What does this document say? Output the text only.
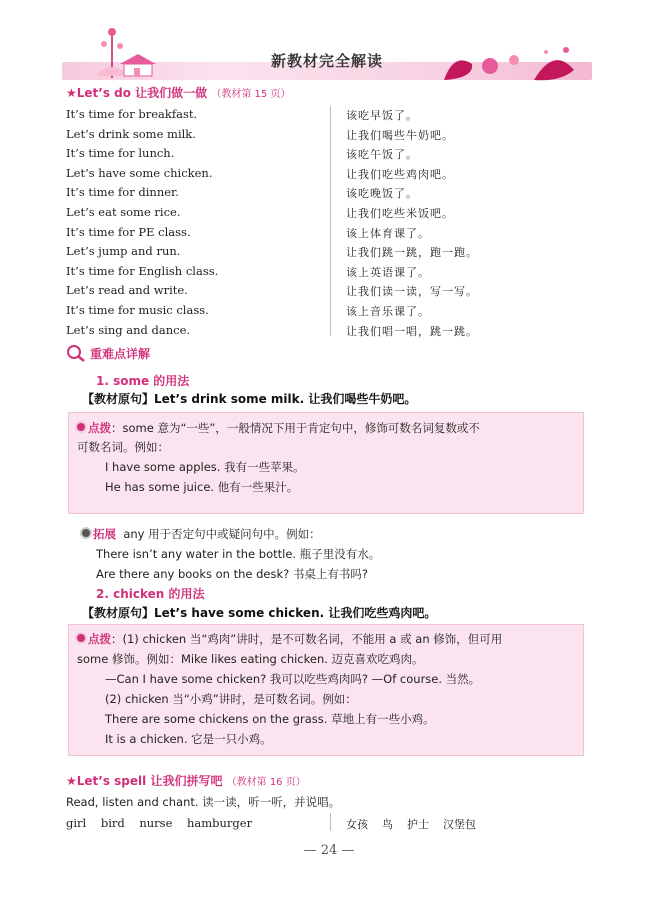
新教材完全解读
★Let’s do 让我们做一做 （教材第 15 页）
It’s time for breakfast.	该吃早饭了。
Let’s drink some milk.	让我们喝些牛奶吧。
It’s time for lunch.	该吃午饭了。
Let’s have some chicken.	让我们吃些鸡肉吧。
It’s time for dinner.	该吃晚饭了。
Let’s eat some rice.	让我们吃些米饭吧。
It’s time for PE class.	该上体育课了。
Let’s jump and run.	让我们跳一跳，跑一跑。
It’s time for English class.	该上英语课了。
Let’s read and write.	让我们读一读，写一写。
It’s time for music class.	该上音乐课了。
Let’s sing and dance.	让我们唱一唱，跳一跳。
重难点详解
1. some 的用法
【教材原句】Let’s drink some milk. 让我们喝些牛奶吧。
点拨：some 意为“一些”，一般情况下用于肯定句中，修饰可数名词复数或不
可数名词。例如：
I have some apples. 我有一些苹果。
He has some juice. 他有一些果汁。
拓展 any 用于否定句中或疑问句中。例如：
There isn’t any water in the bottle. 瓶子里没有水。
Are there any books on the desk? 书桌上有书吗?
2. chicken 的用法
【教材原句】Let’s have some chicken. 让我们吃些鸡肉吧。
点拨：(1) chicken 当“鸡肉”讲时，是不可数名词，不能用 a 或 an 修饰，但可用
some 修饰。例如：Mike likes eating chicken. 迈克喜欢吃鸡肉。
—Can I have some chicken? 我可以吃些鸡肉吗? —Of course. 当然。
(2) chicken 当“小鸡”讲时，是可数名词。例如：
There are some chickens on the grass. 草地上有一些小鸡。
It is a chicken. 它是一只小鸡。
★Let’s spell 让我们拼写吧 （教材第 16 页）
Read, listen and chant. 读一读，听一听，并说唱。
girl    bird    nurse    hamburger	女孩    鸟    护士    汉堡包
— 24 —
